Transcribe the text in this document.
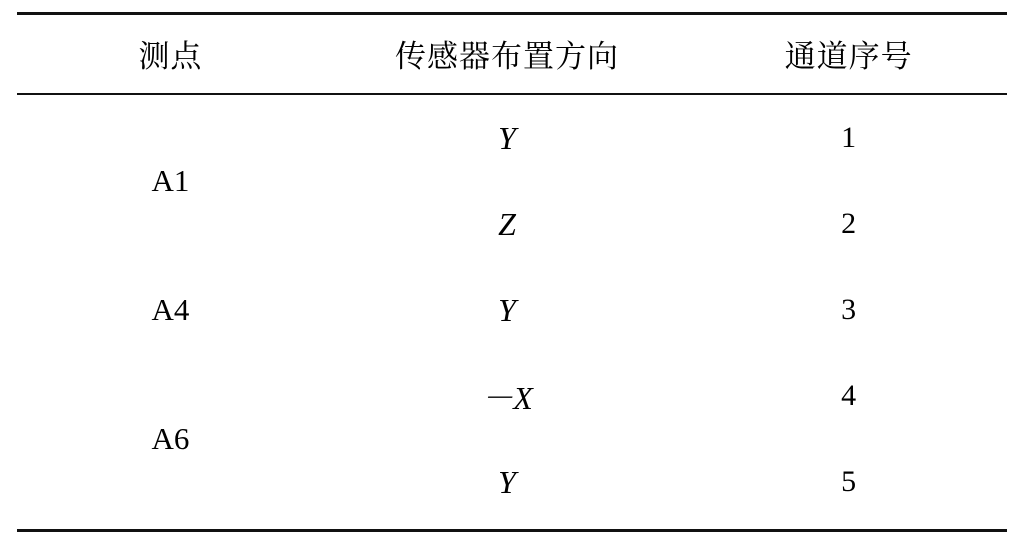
测点	传感器布置方向	通道序号
A1	Y	1
	Z	2
A4	Y	3
A6	－X	4
	Y	5
